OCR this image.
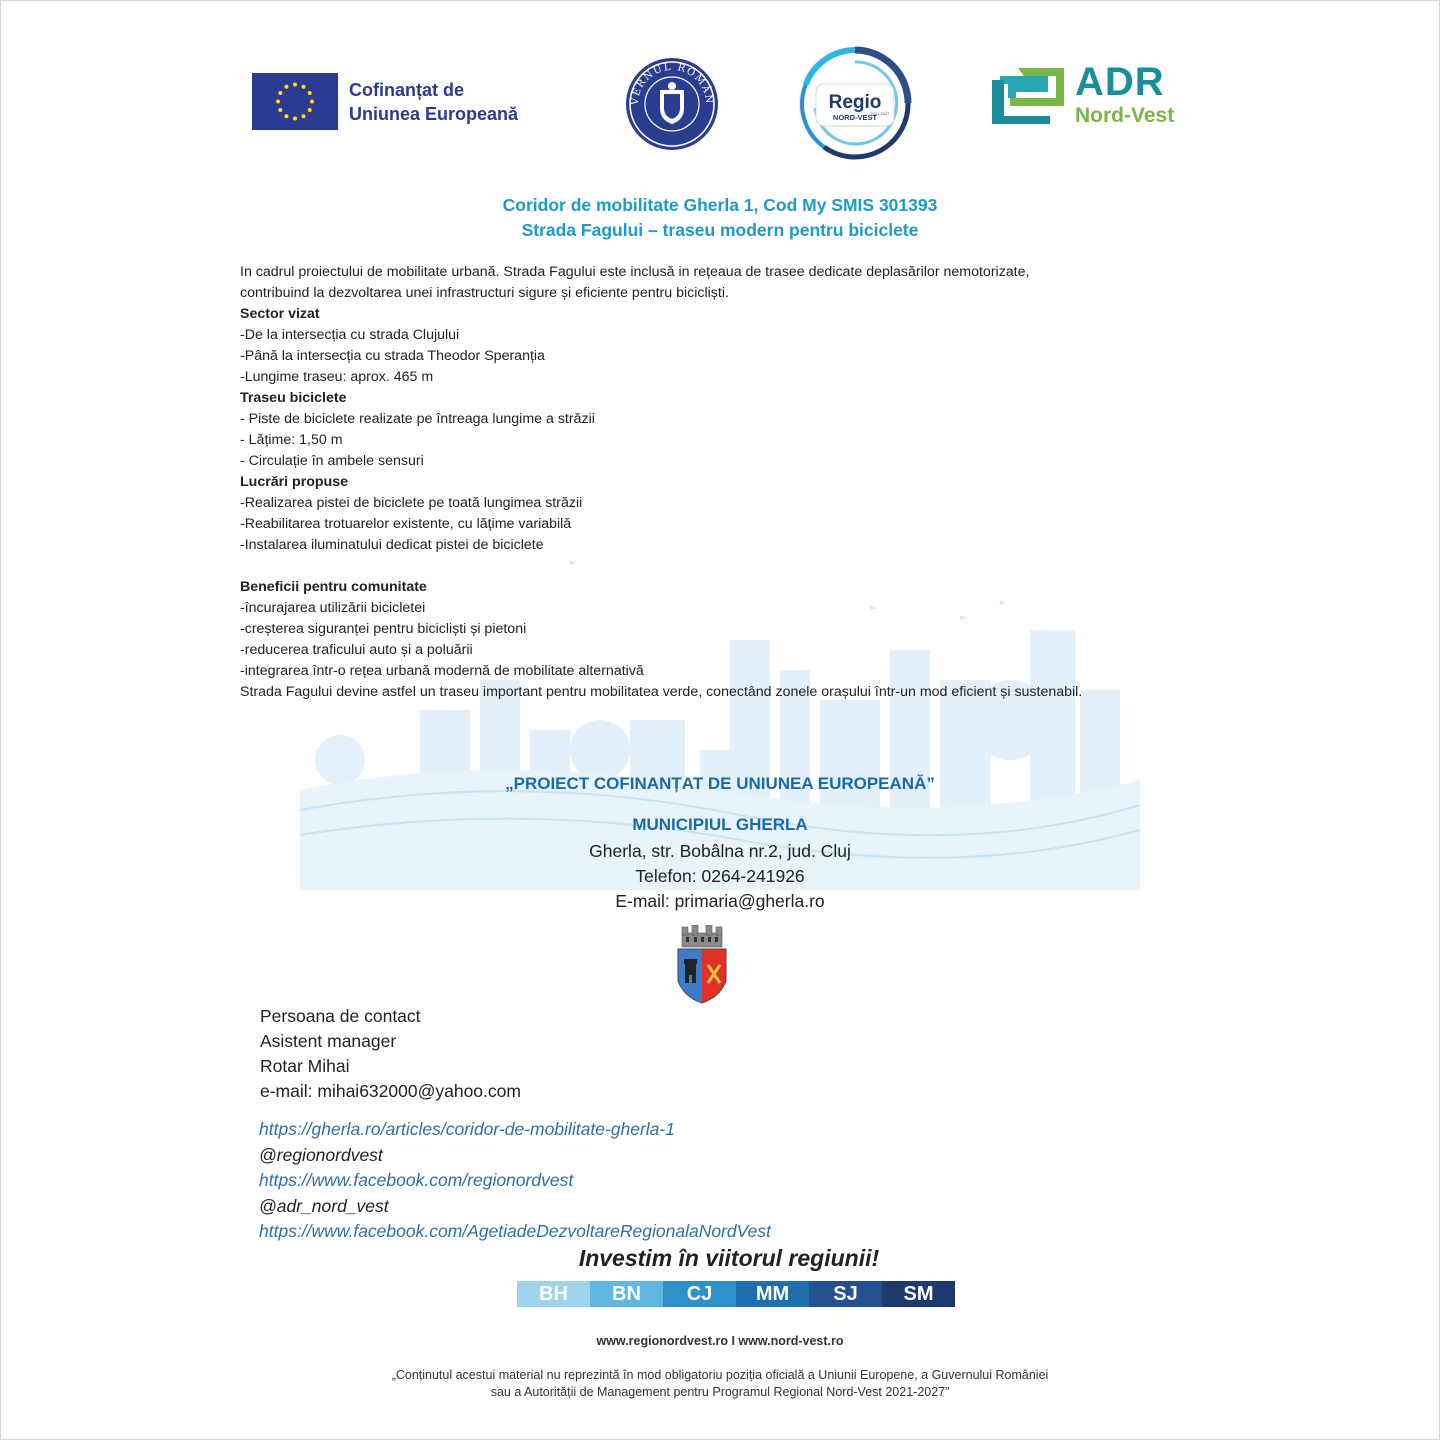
Cofinanțat de
Uniunea Europeană
VERNUL ROMÂN	Regio
2021-2027
NORD-VEST
ADR
Nord-Vest
Coridor de mobilitate Gherla 1, Cod My SMIS 301393
Strada Fagului – traseu modern pentru biciclete

In cadrul proiectului de mobilitate urbană. Strada Fagului este inclusă in rețeaua de trasee dedicate deplasărilor nemotorizate,

contribuind la dezvoltarea unei infrastructuri sigure și eficiente pentru bicicliști.

Sector vizat

-De la intersecția cu strada Clujului

-Până la intersecția cu strada Theodor Speranția

-Lungime traseu: aprox. 465 m

Traseu biciclete

- Piste de biciclete realizate pe întreaga lungime a străzii

- Lățime: 1,50 m

- Circulație în ambele sensuri

Lucrări propuse

-Realizarea pistei de biciclete pe toată lungimea străzii

-Reabilitarea trotuarelor existente, cu lățime variabilă

-Instalarea iluminatului dedicat pistei de biciclete

Beneficii pentru comunitate

-încurajarea utilizării bicicletei

-creșterea siguranței pentru bicicliști și pietoni

-reducerea traficului auto și a poluării

-integrarea într-o rețea urbană modernă de mobilitate alternativă

Strada Fagului devine astfel un traseu important pentru mobilitatea verde, conectând zonele orașului într-un mod eficient și sustenabil.

„PROIECT COFINANȚAT DE UNIUNEA EUROPEANĂ”
MUNICIPIUL GHERLA
Gherla, str. Bobâlna nr.2, jud. Cluj
Telefon: 0264-241926
E-mail: primaria@gherla.ro

Persoana de contact

Asistent manager

Rotar Mihai

e-mail: mihai632000@yahoo.com

https://gherla.ro/articles/coridor-de-mobilitate-gherla-1

@regionordvest

https://www.facebook.com/regionordvest

@adr_nord_vest

https://www.facebook.com/AgetiadeDezvoltareRegionalaNordVest

Investim în viitorul regiunii!
BH	BN	CJ	MM	SJ	SM
www.regionordvest.ro I www.nord-vest.ro
„Conținutul acestui material nu reprezintă în mod obligatoriu poziția oficială a Uniunii Europene, a Guvernului României
sau a Autorității de Management pentru Programul Regional Nord-Vest 2021-2027”
